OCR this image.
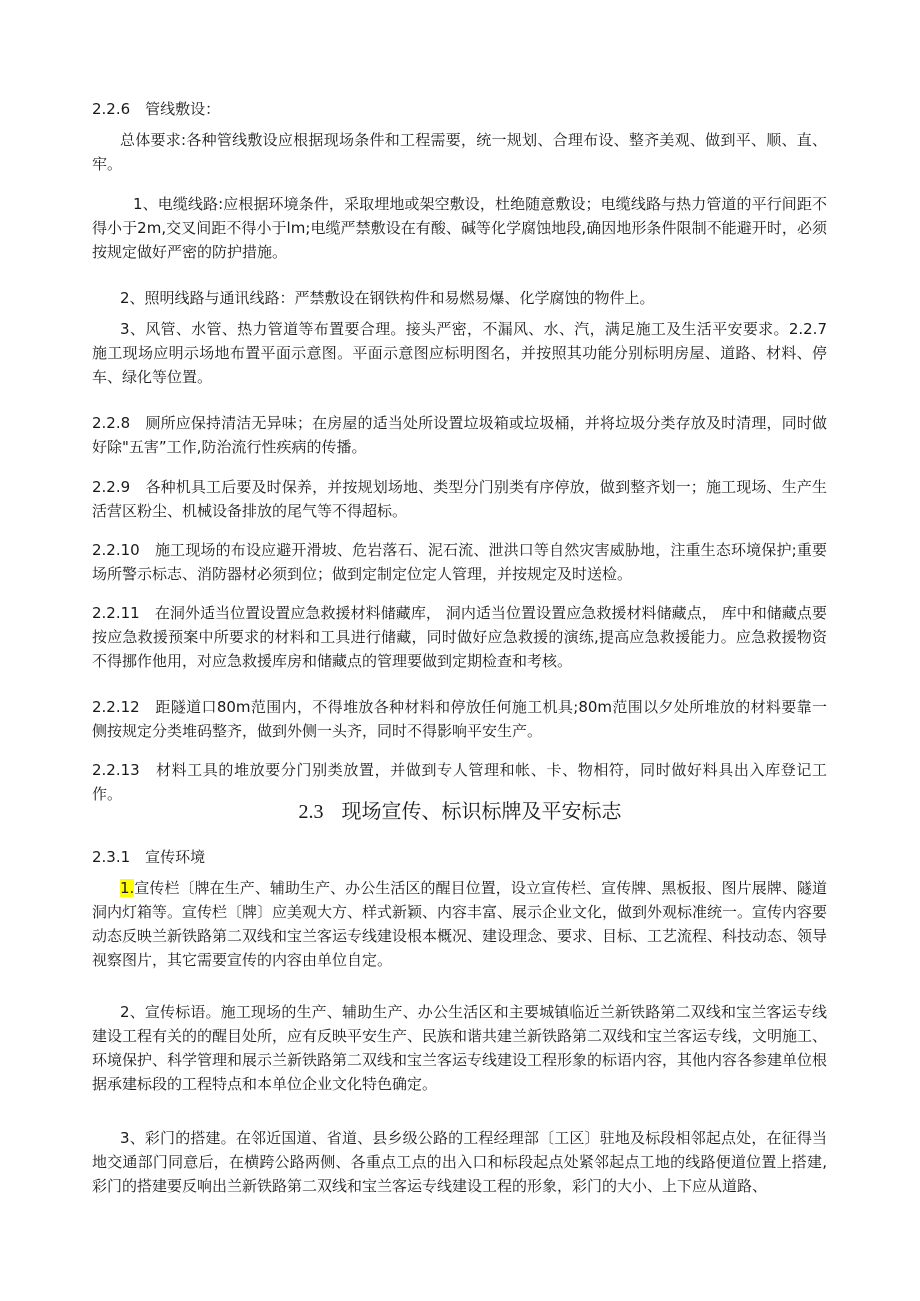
2.2.6　管线敷设：

总体要求:各种管线敷设应根据现场条件和工程需要，统一规划、合理布设、整齐美观、做到平、顺、直、牢。

1、电缆线路:应根据环境条件，采取埋地或架空敷设，杜绝随意敷设；电缆线路与热力管道的平行间距不得小于2m,交叉间距不得小于lm;电缆严禁敷设在有酸、碱等化学腐蚀地段,确因地形条件限制不能避开时，必须按规定做好严密的防护措施。

2、照明线路与通讯线路：严禁敷设在钢铁构件和易燃易爆、化学腐蚀的物件上。

3、风管、水管、热力管道等布置要合理。接头严密，不漏风、水、汽，满足施工及生活平安要求。2.2.7施工现场应明示场地布置平面示意图。平面示意图应标明图名，并按照其功能分别标明房屋、道路、材料、停车、绿化等位置。

2.2.8　厕所应保持清洁无异味；在房屋的适当处所设置垃圾箱或垃圾桶，并将垃圾分类存放及时清理，同时做好除"五害”工作,防治流行性疾病的传播。

2.2.9　各种机具工后要及时保养，并按规划场地、类型分门别类有序停放，做到整齐划一；施工现场、生产生活营区粉尘、机械设备排放的尾气等不得超标。

2.2.10　施工现场的布设应避开滑坡、危岩落石、泥石流、泄洪口等自然灾害威胁地，注重生态环境保护;重要场所警示标志、消防器材必须到位；做到定制定位定人管理，并按规定及时送检。

2.2.11　在洞外适当位置设置应急救援材料储藏库， 洞内适当位置设置应急救援材料储藏点， 库中和储藏点要按应急救援预案中所要求的材料和工具进行储藏，同时做好应急救援的演练,提高应急救援能力。应急救援物资不得挪作他用，对应急救援库房和储藏点的管理要做到定期检查和考核。

2.2.12　距隧道口80m范围内，不得堆放各种材料和停放任何施工机具;80m范围以夕处所堆放的材料要靠一侧按规定分类堆码整齐，做到外侧一头齐，同时不得影响平安生产。

2.2.13　材料工具的堆放要分门别类放置，并做到专人管理和帐、卡、物相符，同时做好料具出入库登记工作。

2.3 现场宣传、标识标牌及平安标志

2.3.1　宣传环境

1.宣传栏〔牌在生产、辅助生产、办公生活区的醒目位置，设立宣传栏、宣传牌、黑板报、图片展牌、隧道洞内灯箱等。宣传栏〔牌〕应美观大方、样式新颖、内容丰富、展示企业文化，做到外观标准统一。宣传内容要动态反映兰新铁路第二双线和宝兰客运专线建设根本概况、建设理念、要求、目标、工艺流程、科技动态、领导视察图片，其它需要宣传的内容由单位自定。

2、宣传标语。施工现场的生产、辅助生产、办公生活区和主要城镇临近兰新铁路第二双线和宝兰客运专线建设工程有关的的醒目处所，应有反映平安生产、民族和谐共建兰新铁路第二双线和宝兰客运专线，文明施工、环境保护、科学管理和展示兰新铁路第二双线和宝兰客运专线建设工程形象的标语内容，其他内容各参建单位根据承建标段的工程特点和本单位企业文化特色确定。

3、彩门的搭建。在邻近国道、省道、县乡级公路的工程经理部〔工区〕驻地及标段相邻起点处，在征得当地交通部门同意后，在横跨公路两侧、各重点工点的出入口和标段起点处紧邻起点工地的线路便道位置上搭建,彩门的搭建要反响出兰新铁路第二双线和宝兰客运专线建设工程的形象，彩门的大小、上下应从道路、
